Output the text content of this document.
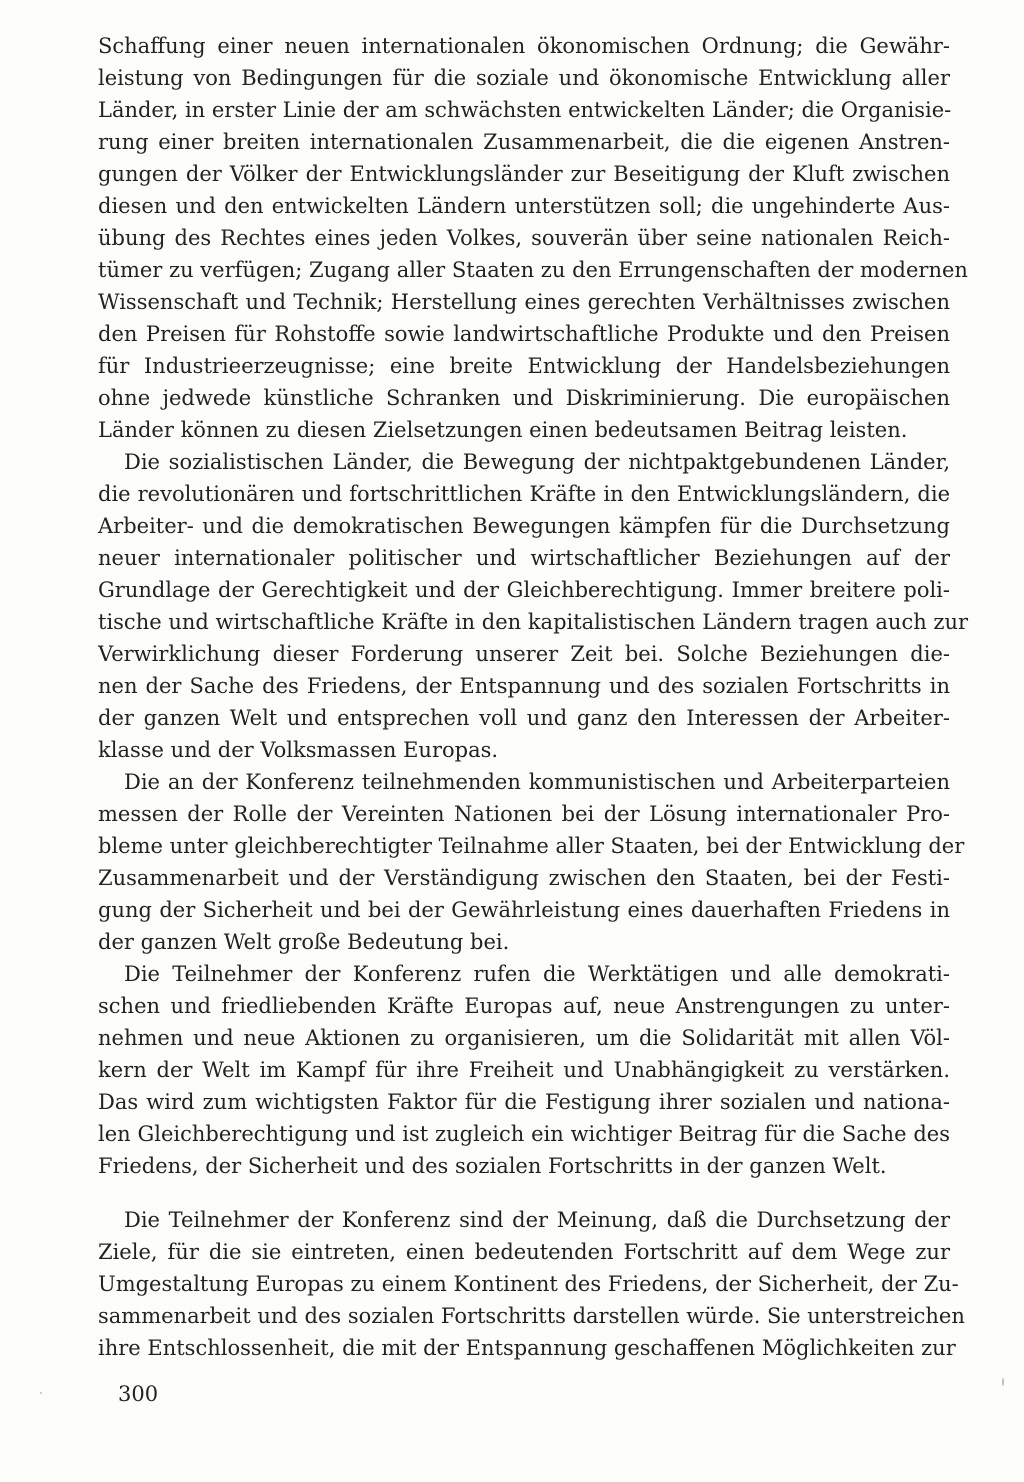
Schaffung einer neuen internationalen ökonomischen Ordnung; die Gewähr-
leistung von Bedingungen für die soziale und ökonomische Entwicklung aller
Länder, in erster Linie der am schwächsten entwickelten Länder; die Organisie-
rung einer breiten internationalen Zusammenarbeit, die die eigenen Anstren-
gungen der Völker der Entwicklungsländer zur Beseitigung der Kluft zwischen
diesen und den entwickelten Ländern unterstützen soll; die ungehinderte Aus-
übung des Rechtes eines jeden Volkes, souverän über seine nationalen Reich-
tümer zu verfügen; Zugang aller Staaten zu den Errungenschaften der modernen
Wissenschaft und Technik; Herstellung eines gerechten Verhältnisses zwischen
den Preisen für Rohstoffe sowie landwirtschaftliche Produkte und den Preisen
für Industrieerzeugnisse; eine breite Entwicklung der Handelsbeziehungen
ohne jedwede künstliche Schranken und Diskriminierung. Die europäischen
Länder können zu diesen Zielsetzungen einen bedeutsamen Beitrag leisten.
Die sozialistischen Länder, die Bewegung der nichtpaktgebundenen Länder,
die revolutionären und fortschrittlichen Kräfte in den Entwicklungsländern, die
Arbeiter- und die demokratischen Bewegungen kämpfen für die Durchsetzung
neuer internationaler politischer und wirtschaftlicher Beziehungen auf der
Grundlage der Gerechtigkeit und der Gleichberechtigung. Immer breitere poli-
tische und wirtschaftliche Kräfte in den kapitalistischen Ländern tragen auch zur
Verwirklichung dieser Forderung unserer Zeit bei. Solche Beziehungen die-
nen der Sache des Friedens, der Entspannung und des sozialen Fortschritts in
der ganzen Welt und entsprechen voll und ganz den Interessen der Arbeiter-
klasse und der Volksmassen Europas.
Die an der Konferenz teilnehmenden kommunistischen und Arbeiterparteien
messen der Rolle der Vereinten Nationen bei der Lösung internationaler Pro-
bleme unter gleichberechtigter Teilnahme aller Staaten, bei der Entwicklung der
Zusammenarbeit und der Verständigung zwischen den Staaten, bei der Festi-
gung der Sicherheit und bei der Gewährleistung eines dauerhaften Friedens in
der ganzen Welt große Bedeutung bei.
Die Teilnehmer der Konferenz rufen die Werktätigen und alle demokrati-
schen und friedliebenden Kräfte Europas auf, neue Anstrengungen zu unter-
nehmen und neue Aktionen zu organisieren, um die Solidarität mit allen Völ-
kern der Welt im Kampf für ihre Freiheit und Unabhängigkeit zu verstärken.
Das wird zum wichtigsten Faktor für die Festigung ihrer sozialen und nationa-
len Gleichberechtigung und ist zugleich ein wichtiger Beitrag für die Sache des
Friedens, der Sicherheit und des sozialen Fortschritts in der ganzen Welt.
Die Teilnehmer der Konferenz sind der Meinung, daß die Durchsetzung der
Ziele, für die sie eintreten, einen bedeutenden Fortschritt auf dem Wege zur
Umgestaltung Europas zu einem Kontinent des Friedens, der Sicherheit, der Zu-
sammenarbeit und des sozialen Fortschritts darstellen würde. Sie unterstreichen
ihre Entschlossenheit, die mit der Entspannung geschaffenen Möglichkeiten zur
300
